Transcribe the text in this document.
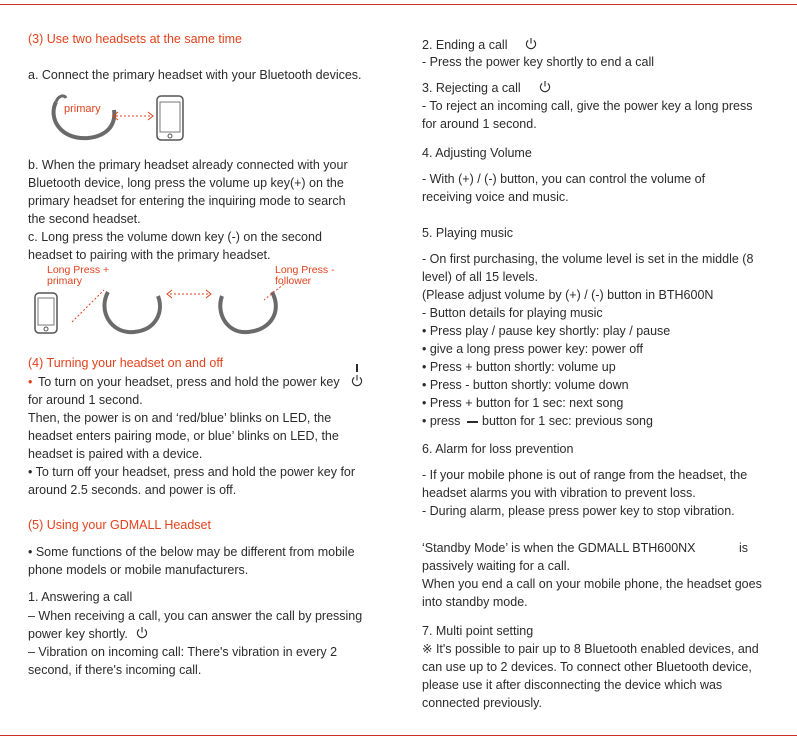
(3) Use two headsets at the same time
a. Connect the primary headset with your Bluetooth devices.
primary
b. When the primary headset already connected with your
Bluetooth device, long press the volume up key(+) on the
primary headset for entering the inquiring mode to search
the second headset.
c. Long press the volume down key (-) on the second
headset to pairing with the primary headset.
Long Press +
primary
Long Press -
follower
(4) Turning your headset on and off
• To turn on your headset, press and hold the power key
for around 1 second.
Then, the power is on and ‘red/blue’ blinks on LED, the
headset enters pairing mode, or blue’ blinks on LED, the
headset is paired with a device.
• To turn off your headset, press and hold the power key for
around 2.5 seconds. and power is off.
(5) Using your GDMALL Headset
• Some functions of the below may be different from mobile
phone models or mobile manufacturers.
1. Answering a call
– When receiving a call, you can answer the call by pressing
power key shortly.
– Vibration on incoming call: There's vibration in every 2
second, if there's incoming call.
2. Ending a call
- Press the power key shortly to end a call
3. Rejecting a call
- To reject an incoming call, give the power key a long press
for around 1 second.
4. Adjusting Volume
- With (+) / (-) button, you can control the volume of
receiving voice and music.
5. Playing music
- On first purchasing, the volume level is set in the middle (8
level) of all 15 levels.
(Please adjust volume by (+) / (-) button in BTH600N
- Button details for playing music
• Press play / pause key shortly: play / pause
• give a long press power key: power off
• Press + button shortly: volume up
• Press - button shortly: volume down
• Press + button for 1 sec: next song
• press button for 1 sec: previous song
6. Alarm for loss prevention
- If your mobile phone is out of range from the headset, the
headset alarms you with vibration to prevent loss.
- During alarm, please press power key to stop vibration.
‘Standby Mode’ is when the GDMALL BTH600NX	is
passively waiting for a call.
When you end a call on your mobile phone, the headset goes
into standby mode.
7. Multi point setting
※ It's possible to pair up to 8 Bluetooth enabled devices, and
can use up to 2 devices. To connect other Bluetooth device,
please use it after disconnecting the device which was
connected previously.
